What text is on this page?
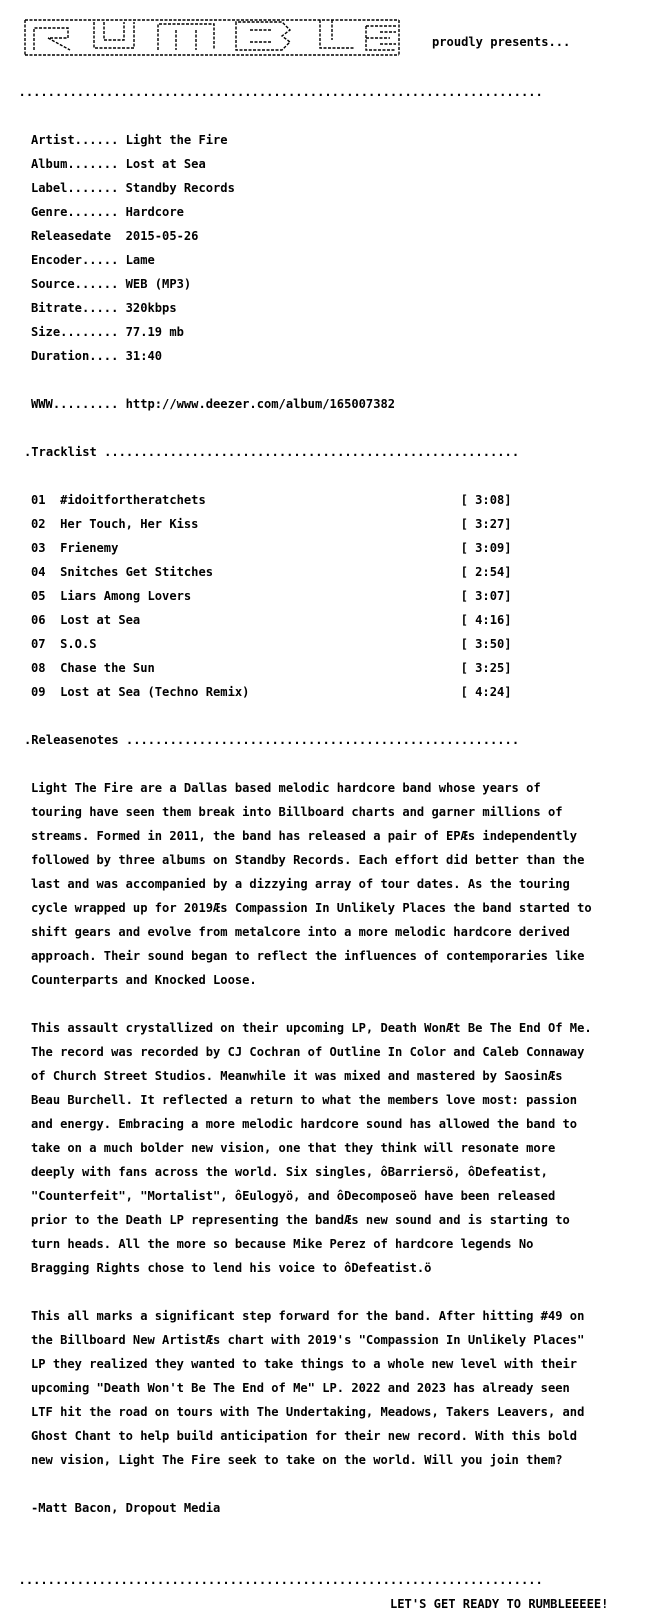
proudly presents...

........................................................................

Artist...... Light the Fire

Album....... Lost at Sea

Label....... Standby Records

Genre....... Hardcore

Releasedate  2015-05-26

Encoder..... Lame

Source...... WEB (MP3)

Bitrate..... 320kbps

Size........ 77.19 mb

Duration.... 31:40

WWW......... http://www.deezer.com/album/165007382

.Tracklist .........................................................

01  #idoitfortheratchets                                   [ 3:08]

02  Her Touch, Her Kiss                                    [ 3:27]

03  Frienemy                                               [ 3:09]

04  Snitches Get Stitches                                  [ 2:54]

05  Liars Among Lovers                                     [ 3:07]

06  Lost at Sea                                            [ 4:16]

07  S.O.S                                                  [ 3:50]

08  Chase the Sun                                          [ 3:25]

09  Lost at Sea (Techno Remix)                             [ 4:24]

.Releasenotes ......................................................

Light The Fire are a Dallas based melodic hardcore band whose years of

touring have seen them break into Billboard charts and garner millions of

streams. Formed in 2011, the band has released a pair of EPÆs independently

followed by three albums on Standby Records. Each effort did better than the

last and was accompanied by a dizzying array of tour dates. As the touring

cycle wrapped up for 2019Æs Compassion In Unlikely Places the band started to

shift gears and evolve from metalcore into a more melodic hardcore derived

approach. Their sound began to reflect the influences of contemporaries like

Counterparts and Knocked Loose.

This assault crystallized on their upcoming LP, Death WonÆt Be The End Of Me.

The record was recorded by CJ Cochran of Outline In Color and Caleb Connaway

of Church Street Studios. Meanwhile it was mixed and mastered by SaosinÆs

Beau Burchell. It reflected a return to what the members love most: passion

and energy. Embracing a more melodic hardcore sound has allowed the band to

take on a much bolder new vision, one that they think will resonate more

deeply with fans across the world. Six singles, ôBarriersö, ôDefeatist,

"Counterfeit", "Mortalist", ôEulogyö, and ôDecomposeö have been released

prior to the Death LP representing the bandÆs new sound and is starting to

turn heads. All the more so because Mike Perez of hardcore legends No

Bragging Rights chose to lend his voice to ôDefeatist.ö

This all marks a significant step forward for the band. After hitting #49 on

the Billboard New ArtistÆs chart with 2019's "Compassion In Unlikely Places"

LP they realized they wanted to take things to a whole new level with their

upcoming "Death Won't Be The End of Me" LP. 2022 and 2023 has already seen

LTF hit the road on tours with The Undertaking, Meadows, Takers Leavers, and

Ghost Chant to help build anticipation for their new record. With this bold

new vision, Light The Fire seek to take on the world. Will you join them?

-Matt Bacon, Dropout Media

........................................................................

LET'S GET READY TO RUMBLEEEEE!
